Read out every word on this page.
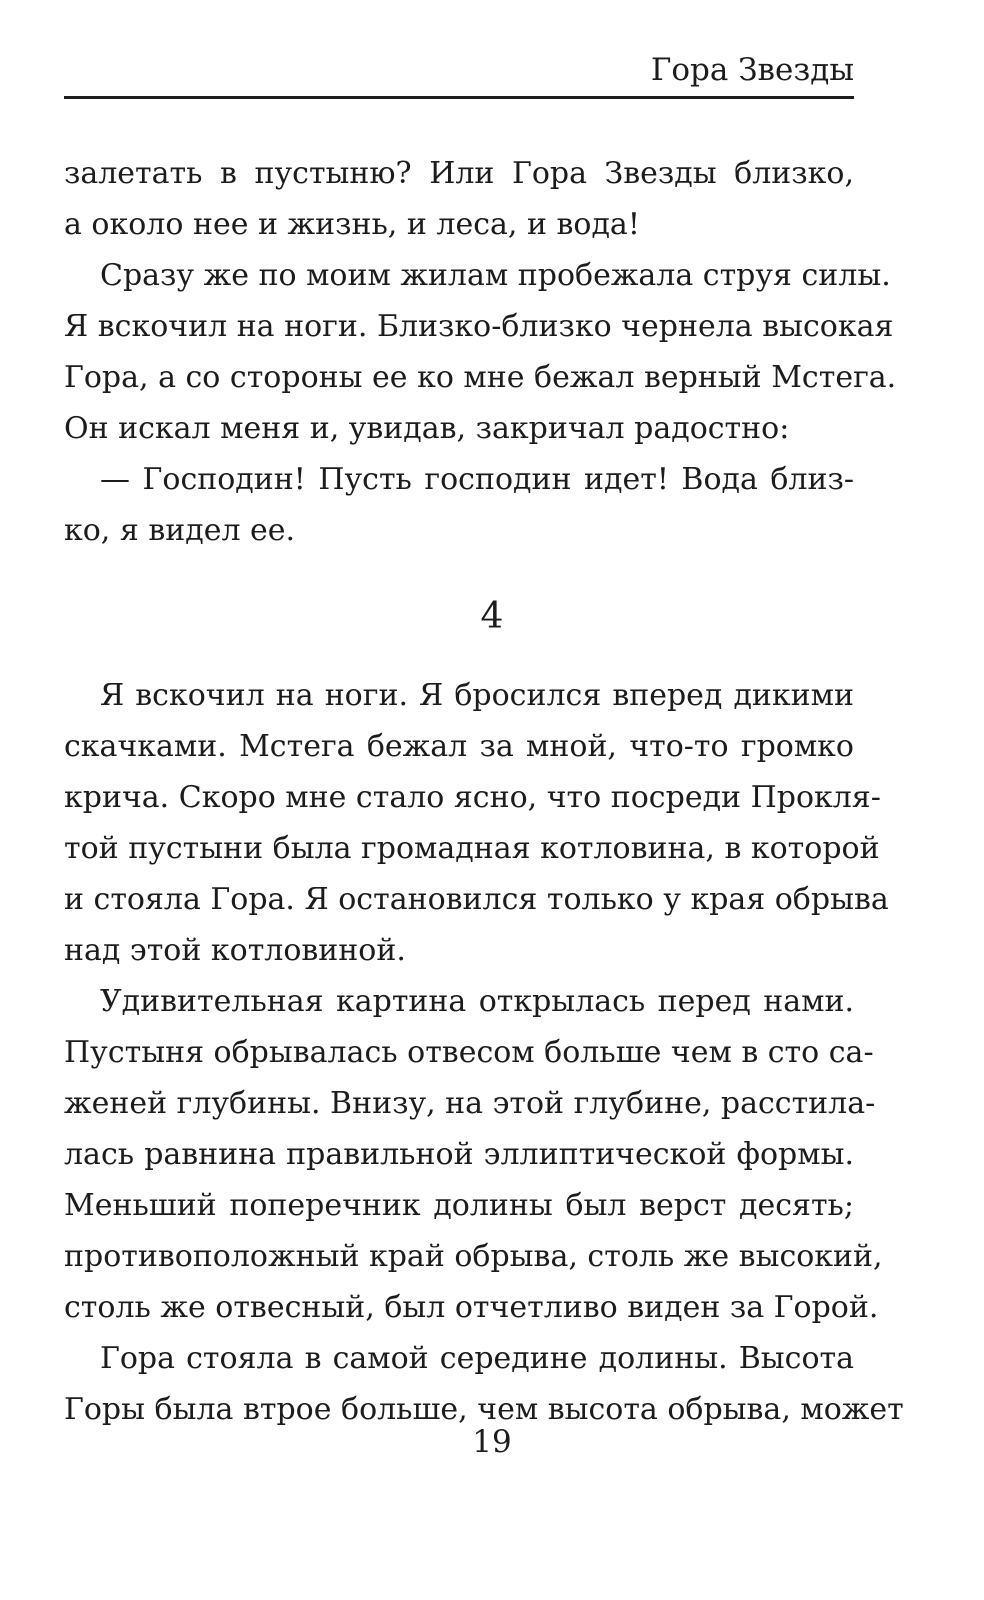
Гора Звезды
залетать в пустыню? Или Гора Звезды близко,
а около нее и жизнь, и леса, и вода!
Сразу же по моим жилам пробежала струя силы.
Я вскочил на ноги. Близко-близко чернела высокая
Гора, а со стороны ее ко мне бежал верный Мстега.
Он искал меня и, увидав, закричал радостно:
— Господин! Пусть господин идет! Вода близ-
ко, я видел ее.
4
Я вскочил на ноги. Я бросился вперед дикими
скачками. Мстега бежал за мной, что-то громко
крича. Скоро мне стало ясно, что посреди Прокля-
той пустыни была громадная котловина, в которой
и стояла Гора. Я остановился только у края обрыва
над этой котловиной.
Удивительная картина открылась перед нами.
Пустыня обрывалась отвесом больше чем в сто са-
женей глубины. Внизу, на этой глубине, расстила-
лась равнина правильной эллиптической формы.
Меньший поперечник долины был верст десять;
противоположный край обрыва, столь же высокий,
столь же отвесный, был отчетливо виден за Горой.
Гора стояла в самой середине долины. Высота
Горы была втрое больше, чем высота обрыва, может
19
